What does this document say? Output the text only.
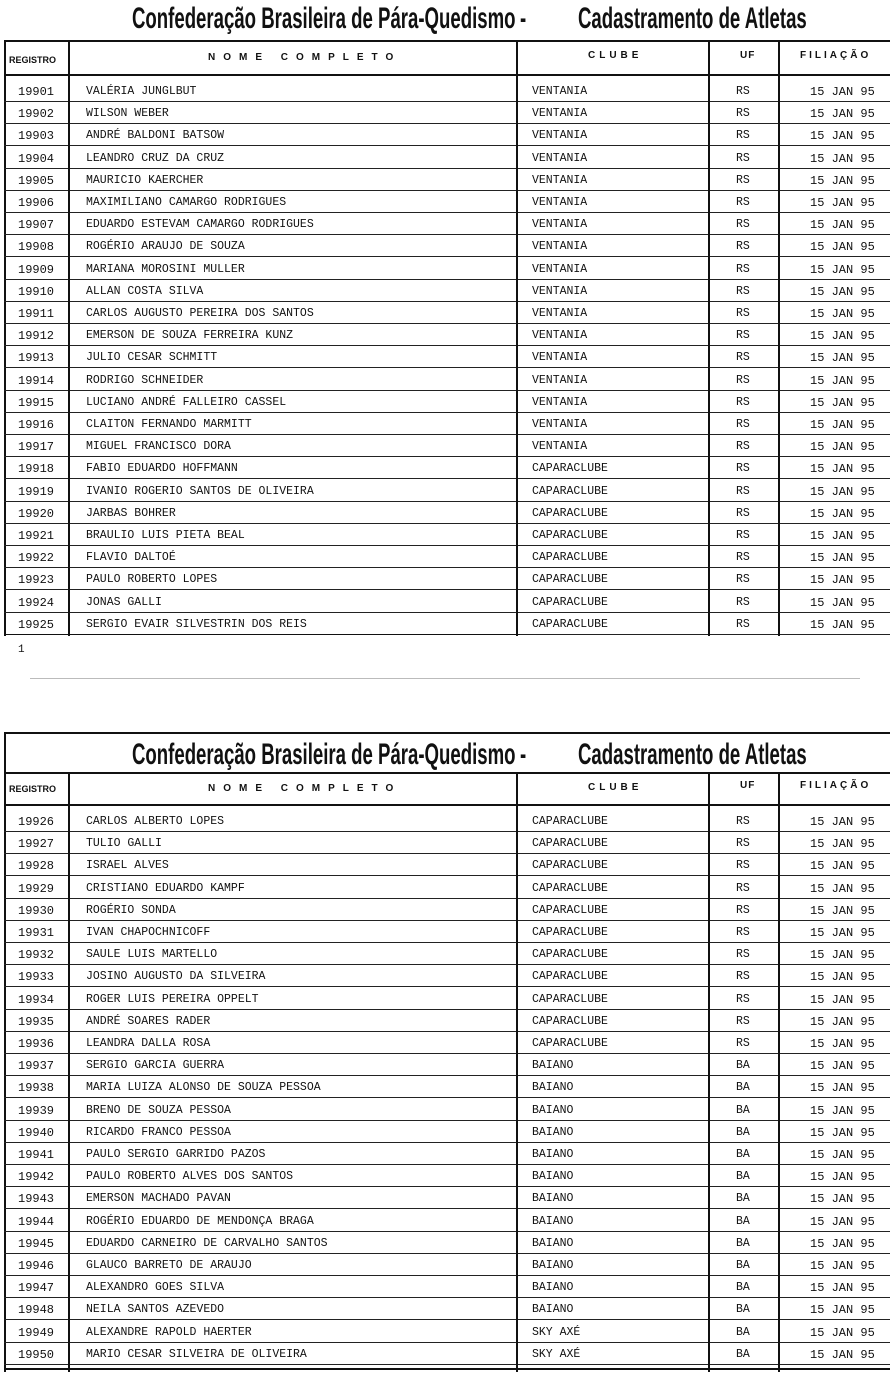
Confederação Brasileira de Pára-Quedismo - Cadastramento de Atletas
REGISTRO	NOME COMPLETO	CLUBE	UF	FILIAÇÃO
19901	VALÉRIA JUNGLBUT	VENTANIA	RS	15 JAN 95
19902	WILSON WEBER	VENTANIA	RS	15 JAN 95
19903	ANDRÉ BALDONI BATSOW	VENTANIA	RS	15 JAN 95
19904	LEANDRO CRUZ DA CRUZ	VENTANIA	RS	15 JAN 95
19905	MAURICIO KAERCHER	VENTANIA	RS	15 JAN 95
19906	MAXIMILIANO CAMARGO RODRIGUES	VENTANIA	RS	15 JAN 95
19907	EDUARDO ESTEVAM CAMARGO RODRIGUES	VENTANIA	RS	15 JAN 95
19908	ROGÉRIO ARAUJO DE SOUZA	VENTANIA	RS	15 JAN 95
19909	MARIANA MOROSINI MULLER	VENTANIA	RS	15 JAN 95
19910	ALLAN COSTA SILVA	VENTANIA	RS	15 JAN 95
19911	CARLOS AUGUSTO PEREIRA DOS SANTOS	VENTANIA	RS	15 JAN 95
19912	EMERSON DE SOUZA FERREIRA KUNZ	VENTANIA	RS	15 JAN 95
19913	JULIO CESAR SCHMITT	VENTANIA	RS	15 JAN 95
19914	RODRIGO SCHNEIDER	VENTANIA	RS	15 JAN 95
19915	LUCIANO ANDRÉ FALLEIRO CASSEL	VENTANIA	RS	15 JAN 95
19916	CLAITON FERNANDO MARMITT	VENTANIA	RS	15 JAN 95
19917	MIGUEL FRANCISCO DORA	VENTANIA	RS	15 JAN 95
19918	FABIO EDUARDO HOFFMANN	CAPARACLUBE	RS	15 JAN 95
19919	IVANIO ROGERIO SANTOS DE OLIVEIRA	CAPARACLUBE	RS	15 JAN 95
19920	JARBAS BOHRER	CAPARACLUBE	RS	15 JAN 95
19921	BRAULIO LUIS PIETA BEAL	CAPARACLUBE	RS	15 JAN 95
19922	FLAVIO DALTOÉ	CAPARACLUBE	RS	15 JAN 95
19923	PAULO ROBERTO LOPES	CAPARACLUBE	RS	15 JAN 95
19924	JONAS GALLI	CAPARACLUBE	RS	15 JAN 95
19925	SERGIO EVAIR SILVESTRIN DOS REIS	CAPARACLUBE	RS	15 JAN 95
1
Confederação Brasileira de Pára-Quedismo - Cadastramento de Atletas
REGISTRO	NOME COMPLETO	CLUBE	UF	FILIAÇÃO
19926	CARLOS ALBERTO LOPES	CAPARACLUBE	RS	15 JAN 95
19927	TULIO GALLI	CAPARACLUBE	RS	15 JAN 95
19928	ISRAEL ALVES	CAPARACLUBE	RS	15 JAN 95
19929	CRISTIANO EDUARDO KAMPF	CAPARACLUBE	RS	15 JAN 95
19930	ROGÉRIO SONDA	CAPARACLUBE	RS	15 JAN 95
19931	IVAN CHAPOCHNICOFF	CAPARACLUBE	RS	15 JAN 95
19932	SAULE LUIS MARTELLO	CAPARACLUBE	RS	15 JAN 95
19933	JOSINO AUGUSTO DA SILVEIRA	CAPARACLUBE	RS	15 JAN 95
19934	ROGER LUIS PEREIRA OPPELT	CAPARACLUBE	RS	15 JAN 95
19935	ANDRÉ SOARES RADER	CAPARACLUBE	RS	15 JAN 95
19936	LEANDRA DALLA ROSA	CAPARACLUBE	RS	15 JAN 95
19937	SERGIO GARCIA GUERRA	BAIANO	BA	15 JAN 95
19938	MARIA LUIZA ALONSO DE SOUZA PESSOA	BAIANO	BA	15 JAN 95
19939	BRENO DE SOUZA PESSOA	BAIANO	BA	15 JAN 95
19940	RICARDO FRANCO PESSOA	BAIANO	BA	15 JAN 95
19941	PAULO SERGIO GARRIDO PAZOS	BAIANO	BA	15 JAN 95
19942	PAULO ROBERTO ALVES DOS SANTOS	BAIANO	BA	15 JAN 95
19943	EMERSON MACHADO PAVAN	BAIANO	BA	15 JAN 95
19944	ROGÉRIO EDUARDO DE MENDONÇA BRAGA	BAIANO	BA	15 JAN 95
19945	EDUARDO CARNEIRO DE CARVALHO SANTOS	BAIANO	BA	15 JAN 95
19946	GLAUCO BARRETO DE ARAUJO	BAIANO	BA	15 JAN 95
19947	ALEXANDRO GOES SILVA	BAIANO	BA	15 JAN 95
19948	NEILA SANTOS AZEVEDO	BAIANO	BA	15 JAN 95
19949	ALEXANDRE RAPOLD HAERTER	SKY AXÉ	BA	15 JAN 95
19950	MARIO CESAR SILVEIRA DE OLIVEIRA	SKY AXÉ	BA	15 JAN 95
